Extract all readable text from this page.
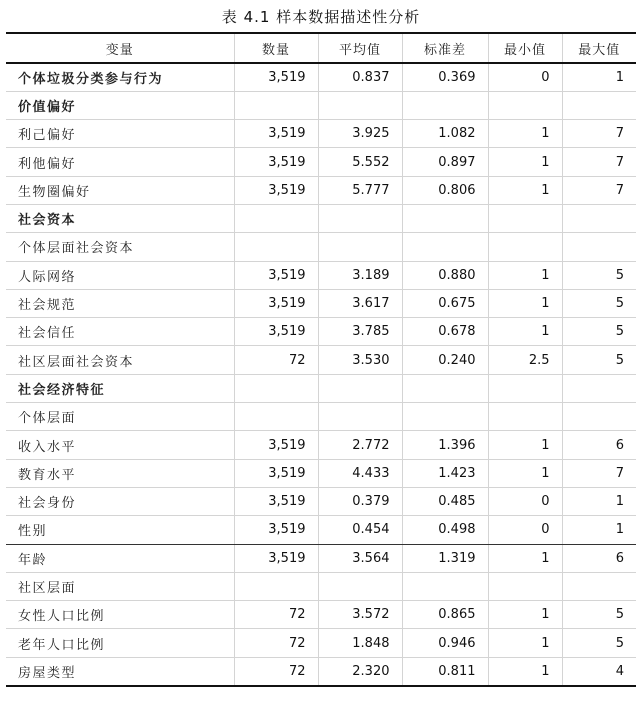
表 4.1 样本数据描述性分析
变量	数量	平均值	标准差	最小值	最大值
个体垃圾分类参与行为	3,519	0.837	0.369	0	1
价值偏好					
利己偏好	3,519	3.925	1.082	1	7
利他偏好	3,519	5.552	0.897	1	7
生物圈偏好	3,519	5.777	0.806	1	7
社会资本					
个体层面社会资本					
人际网络	3,519	3.189	0.880	1	5
社会规范	3,519	3.617	0.675	1	5
社会信任	3,519	3.785	0.678	1	5
社区层面社会资本	72	3.530	0.240	2.5	5
社会经济特征					
个体层面					
收入水平	3,519	2.772	1.396	1	6
教育水平	3,519	4.433	1.423	1	7
社会身份	3,519	0.379	0.485	0	1
性别	3,519	0.454	0.498	0	1
年龄	3,519	3.564	1.319	1	6
社区层面					
女性人口比例	72	3.572	0.865	1	5
老年人口比例	72	1.848	0.946	1	5
房屋类型	72	2.320	0.811	1	4
